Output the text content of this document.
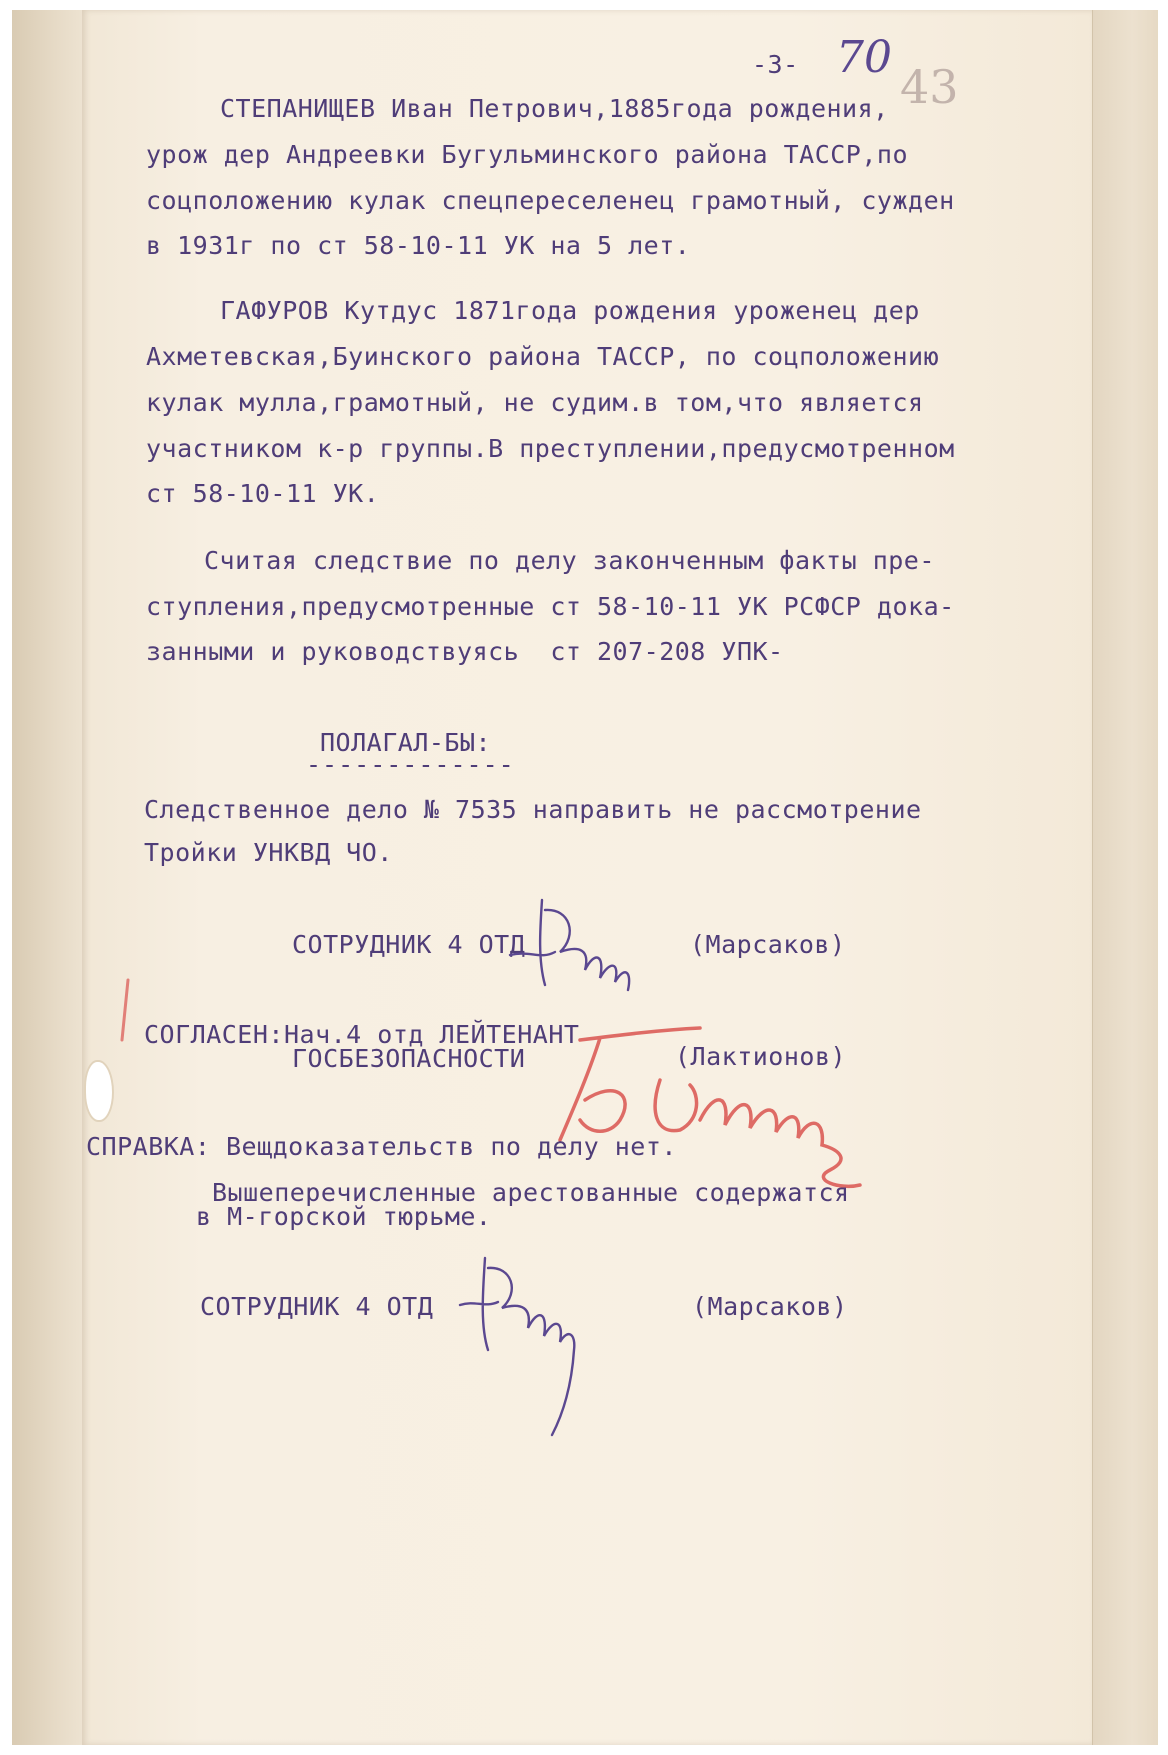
-3- 70
43
СТЕПАНИЩЕВ Иван Петрович,1885года рождения,
урож дер Андреевки Бугульминского района ТАССР,по
соцположению кулак спецпереселенец грамотный, сужден
в 1931г по ст 58-10-11 УК на 5 лет.
ГАФУРОВ Кутдус 1871года рождения уроженец дер
Ахметевская,Буинского района ТАССР, по соцположению
кулак мулла,грамотный, не судим.в том,что является
участником к-р группы.В преступлении,предусмотренном
ст 58-10-11 УК.
Считая следствие по делу законченным факты пре-
ступления,предусмотренные ст 58-10-11 УК РСФСР дока-
занными и руководствуясь  ст 207-208 УПК-
ПОЛАГАЛ-БЫ:
-------------
Следственное дело № 7535 направить не рассмотрение
Тройки УНКВД ЧО.
СОТРУДНИК 4 ОТД	(Марсаков)
СОГЛАСЕН:Нач.4 отд ЛЕЙТЕНАНТ
ГОСБЕЗОПАСНОСТИ	(Лактионов)
СПРАВКА: Вещдоказательств по делу нет.
Вышеперечисленные арестованные содержатся
в М-горской тюрьме.
СОТРУДНИК 4 ОТД	(Марсаков)
